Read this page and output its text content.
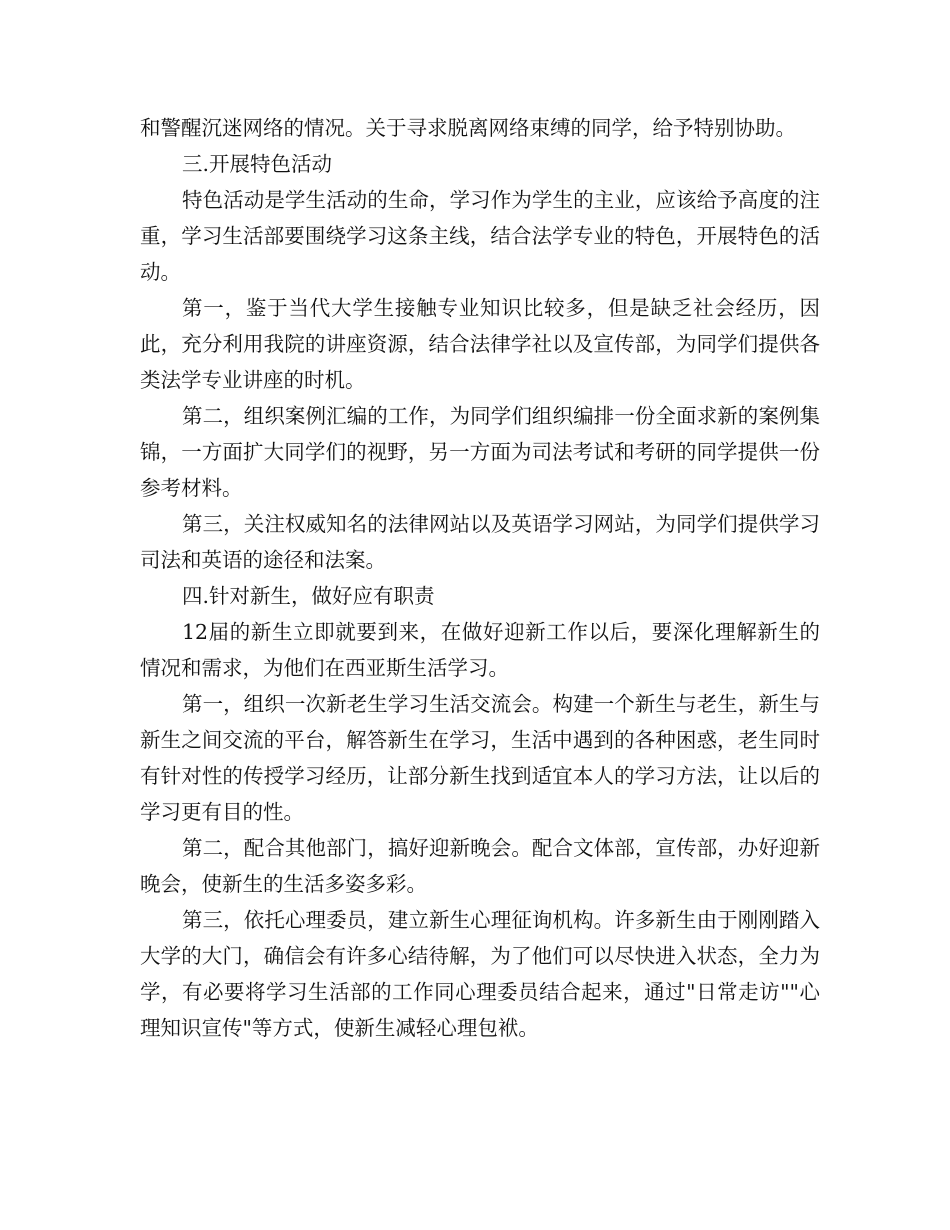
和警醒沉迷网络的情况。关于寻求脱离网络束缚的同学，给予特别协助。

三.开展特色活动

特色活动是学生活动的生命，学习作为学生的主业，应该给予高度的注重，学习生活部要围绕学习这条主线，结合法学专业的特色，开展特色的活动。

第一，鉴于当代大学生接触专业知识比较多，但是缺乏社会经历，因此，充分利用我院的讲座资源，结合法律学社以及宣传部，为同学们提供各类法学专业讲座的时机。

第二，组织案例汇编的工作，为同学们组织编排一份全面求新的案例集锦，一方面扩大同学们的视野，另一方面为司法考试和考研的同学提供一份参考材料。

第三，关注权威知名的法律网站以及英语学习网站，为同学们提供学习司法和英语的途径和法案。

四.针对新生，做好应有职责

12届的新生立即就要到来，在做好迎新工作以后，要深化理解新生的情况和需求，为他们在西亚斯生活学习。

第一，组织一次新老生学习生活交流会。构建一个新生与老生，新生与新生之间交流的平台，解答新生在学习，生活中遇到的各种困惑，老生同时有针对性的传授学习经历，让部分新生找到适宜本人的学习方法，让以后的学习更有目的性。

第二，配合其他部门，搞好迎新晚会。配合文体部，宣传部，办好迎新晚会，使新生的生活多姿多彩。

第三，依托心理委员，建立新生心理征询机构。许多新生由于刚刚踏入大学的大门，确信会有许多心结待解，为了他们可以尽快进入状态，全力为学，有必要将学习生活部的工作同心理委员结合起来，通过"日常走访""心理知识宣传"等方式，使新生减轻心理包袱。
